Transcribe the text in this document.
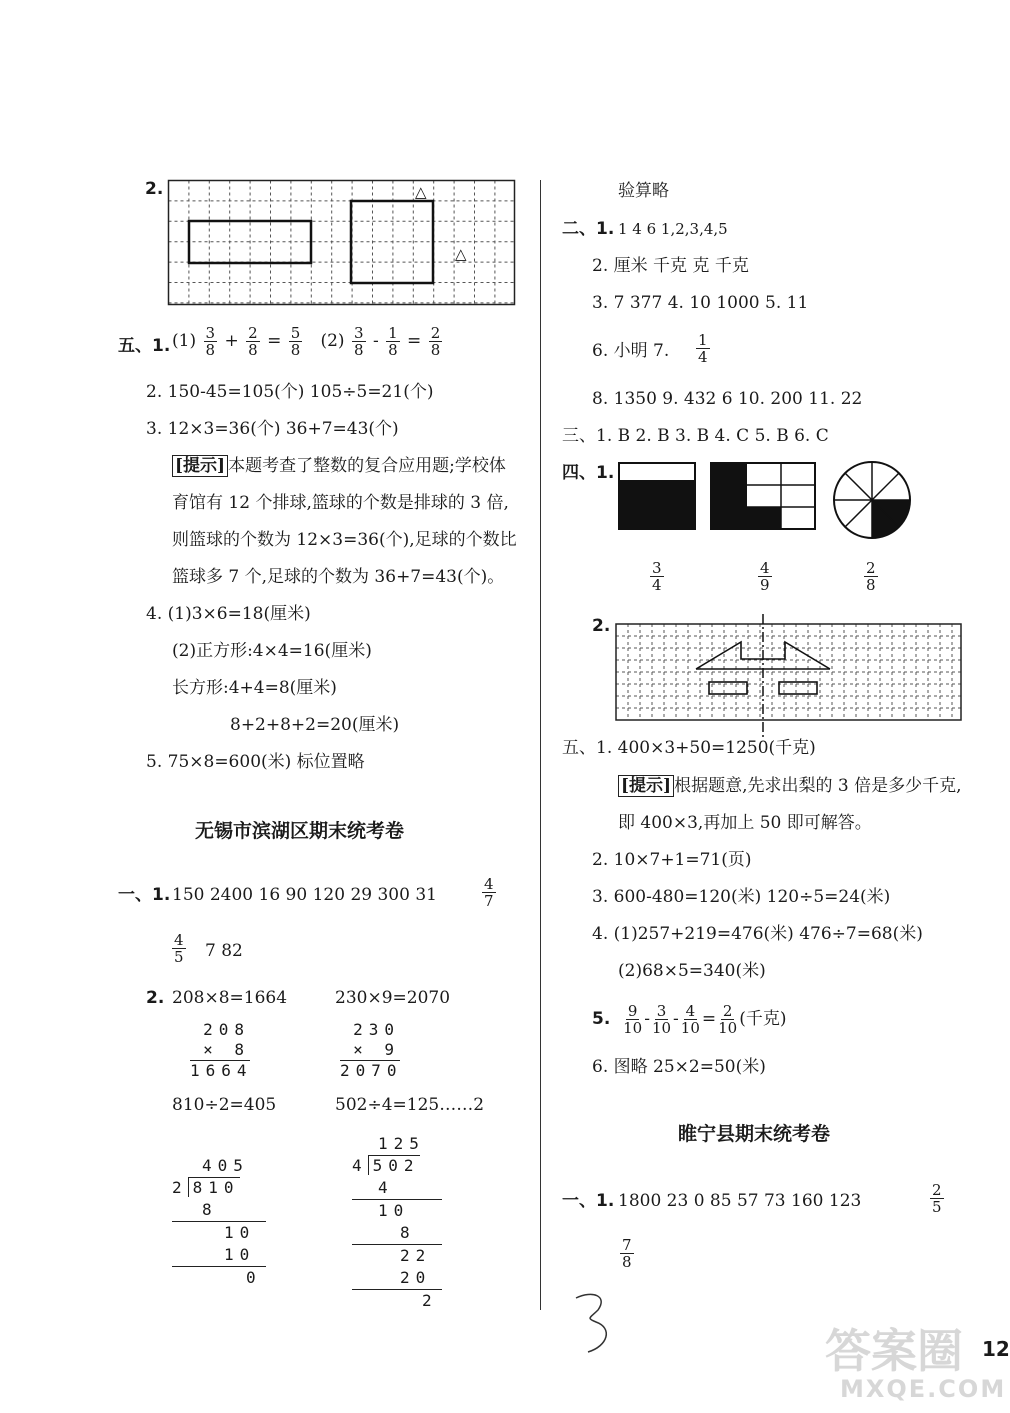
2.	△
△
五、1. $(1) \frac{3}{8} + \frac{2}{8} = \frac{5}{8} (2) \frac{3}{8} - \frac{1}{8} = \frac{2}{8}$
2. 150-45=105(个) 105÷5=21(个)
3. 12×3=36(个) 36+7=43(个)
[提示] 本题考查了整数的复合应用题;学校体
育馆有 12 个排球,篮球的个数是排球的 3 倍,
则篮球的个数为 12×3=36(个),足球的个数比
篮球多 7 个,足球的个数为 36+7=43(个)。
4. (1)3×6=18(厘米)
(2)正方形:4×4=16(厘米)
长方形:4+4=8(厘米)
8+2+8+2=20(厘米)
5. 75×8=600(米) 标位置略
无锡市滨湖区期末统考卷
一、1. 150 2400 16 90 120 29 300 31
4
7
4
5 7 82
2. 208×8=1664	230×9=2070
208
× 8
1664
230
× 9
2070
810÷2=405	502÷4=125……2
405
2 810
8
10
10
0
125
4 502
4
10
8
22
20
2
验算略
二、1. 1 4 6 1,2,3,4,5
2. 厘米 千克 克 千克
3. 7 377 4. 10 1000 5. 11
6. 小明 7.
1
4
8. 1350 9. 432 6 10. 200 11. 22
三、1. B 2. B 3. B 4. C 5. B 6. C
四、1.
3
4
4
9
2
8
2.
五、1. 400×3+50=1250(千克)
[提示] 根据题意,先求出梨的 3 倍是多少千克,
即 400×3,再加上 50 即可解答。
2. 10×7+1=71(页)
3. 600-480=120(米) 120÷5=24(米)
4. (1)257+219=476(米) 476÷7=68(米)
(2)68×5=340(米)
5. $\frac{9}{10} - \frac{3}{10} - \frac{4}{10} = \frac{2}{10}$ (千克)
6. 图略 25×2=50(米)
睢宁县期末统考卷
一、1. 1800 23 0 85 57 73 160 123
2
5
7
8
12
答案圈
MXQE.COM
